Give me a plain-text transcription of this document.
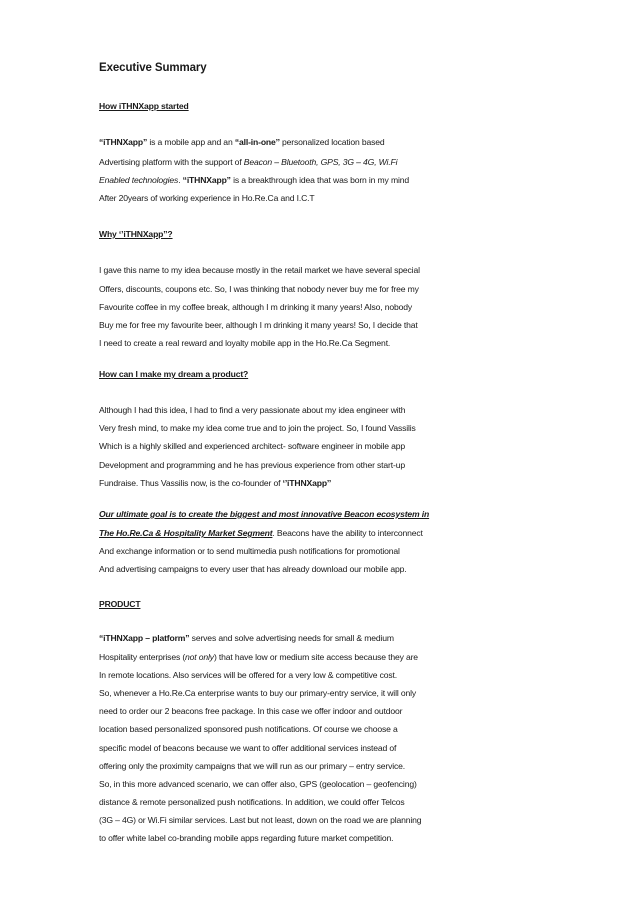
Executive Summary
How iTHNXapp started
“iTHNXapp” is a mobile app and an “all-in-one’’ personalized location based
Advertising platform with the support of Beacon – Bluetooth, GPS, 3G – 4G, Wi.Fi
Enabled technologies. “iTHNXapp” is a breakthrough idea that was born in my mind
After 20years of working experience in Ho.Re.Ca and I.C.T
Why ‘’iTHNXapp’’?
I gave this name to my idea because mostly in the retail market we have several special
Offers, discounts, coupons etc. So, I was thinking that nobody never buy me for free my
Favourite coffee in my coffee break, although I m drinking it many years! Also, nobody
Buy me for free my favourite beer, although I m drinking it many years! So, I decide that
I need to create a real reward and loyalty mobile app in the Ho.Re.Ca Segment.
How can I make my dream a product?
Although I had this idea, I had to find a very passionate about my idea engineer with
Very fresh mind, to make my idea come true and to join the project. So, I found Vassilis
Which is a highly skilled and experienced architect- software engineer in mobile app
Development and programming and he has previous experience from other start-up
Fundraise. Thus Vassilis now, is the co-founder of ‘’iTHNXapp’’
Our ultimate goal is to create the biggest and most innovative Beacon ecosystem in
The Ho.Re.Ca & Hospitality Market Segment. Beacons have the ability to interconnect
And exchange information or to send multimedia push notifications for promotional
And advertising campaigns to every user that has already download our mobile app.
PRODUCT
“iTHNXapp – platform” serves and solve advertising needs for small & medium
Hospitality enterprises (not only) that have low or medium site access because they are
In remote locations. Also services will be offered for a very low & competitive cost.
So, whenever a Ho.Re.Ca enterprise wants to buy our primary-entry service, it will only
need to order our 2 beacons free package. In this case we offer indoor and outdoor
location based personalized sponsored push notifications. Of course we choose a
specific model of beacons because we want to offer additional services instead of
offering only the proximity campaigns that we will run as our primary – entry service.
So, in this more advanced scenario, we can offer also, GPS (geolocation – geofencing)
distance & remote personalized push notifications. In addition, we could offer Telcos
(3G – 4G) or Wi.Fi similar services. Last but not least, down on the road we are planning
to offer white label co-branding mobile apps regarding future market competition.
